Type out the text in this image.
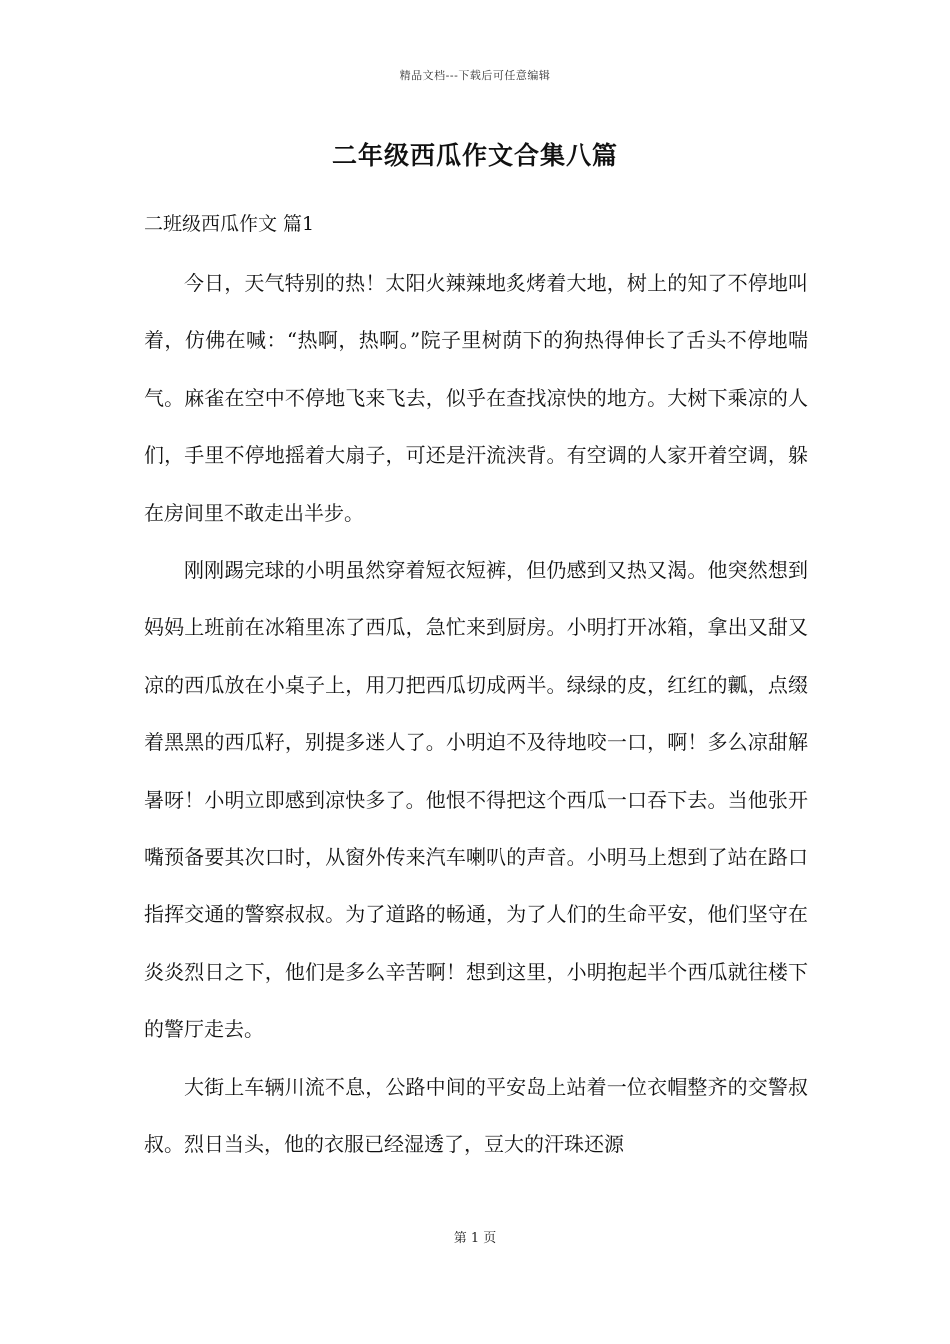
精品文档---下载后可任意编辑
二年级西瓜作文合集八篇
二班级西瓜作文 篇1

今日，天气特别的热！太阳火辣辣地炙烤着大地，树上的知了不停地叫着，仿佛在喊：“热啊，热啊。”院子里树荫下的狗热得伸长了舌头不停地喘气。麻雀在空中不停地飞来飞去，似乎在查找凉快的地方。大树下乘凉的人们，手里不停地摇着大扇子，可还是汗流浃背。有空调的人家开着空调，躲在房间里不敢走出半步。

刚刚踢完球的小明虽然穿着短衣短裤，但仍感到又热又渴。他突然想到妈妈上班前在冰箱里冻了西瓜，急忙来到厨房。小明打开冰箱，拿出又甜又凉的西瓜放在小桌子上，用刀把西瓜切成两半。绿绿的皮，红红的瓤，点缀着黑黑的西瓜籽，别提多迷人了。小明迫不及待地咬一口，啊！多么凉甜解暑呀！小明立即感到凉快多了。他恨不得把这个西瓜一口吞下去。当他张开嘴预备要其次口时，从窗外传来汽车喇叭的声音。小明马上想到了站在路口指挥交通的警察叔叔。为了道路的畅通，为了人们的生命平安，他们坚守在炎炎烈日之下，他们是多么辛苦啊！想到这里，小明抱起半个西瓜就往楼下的警厅走去。

大街上车辆川流不息，公路中间的平安岛上站着一位衣帽整齐的交警叔叔。烈日当头，他的衣服已经湿透了，豆大的汗珠还源

第 1 页
